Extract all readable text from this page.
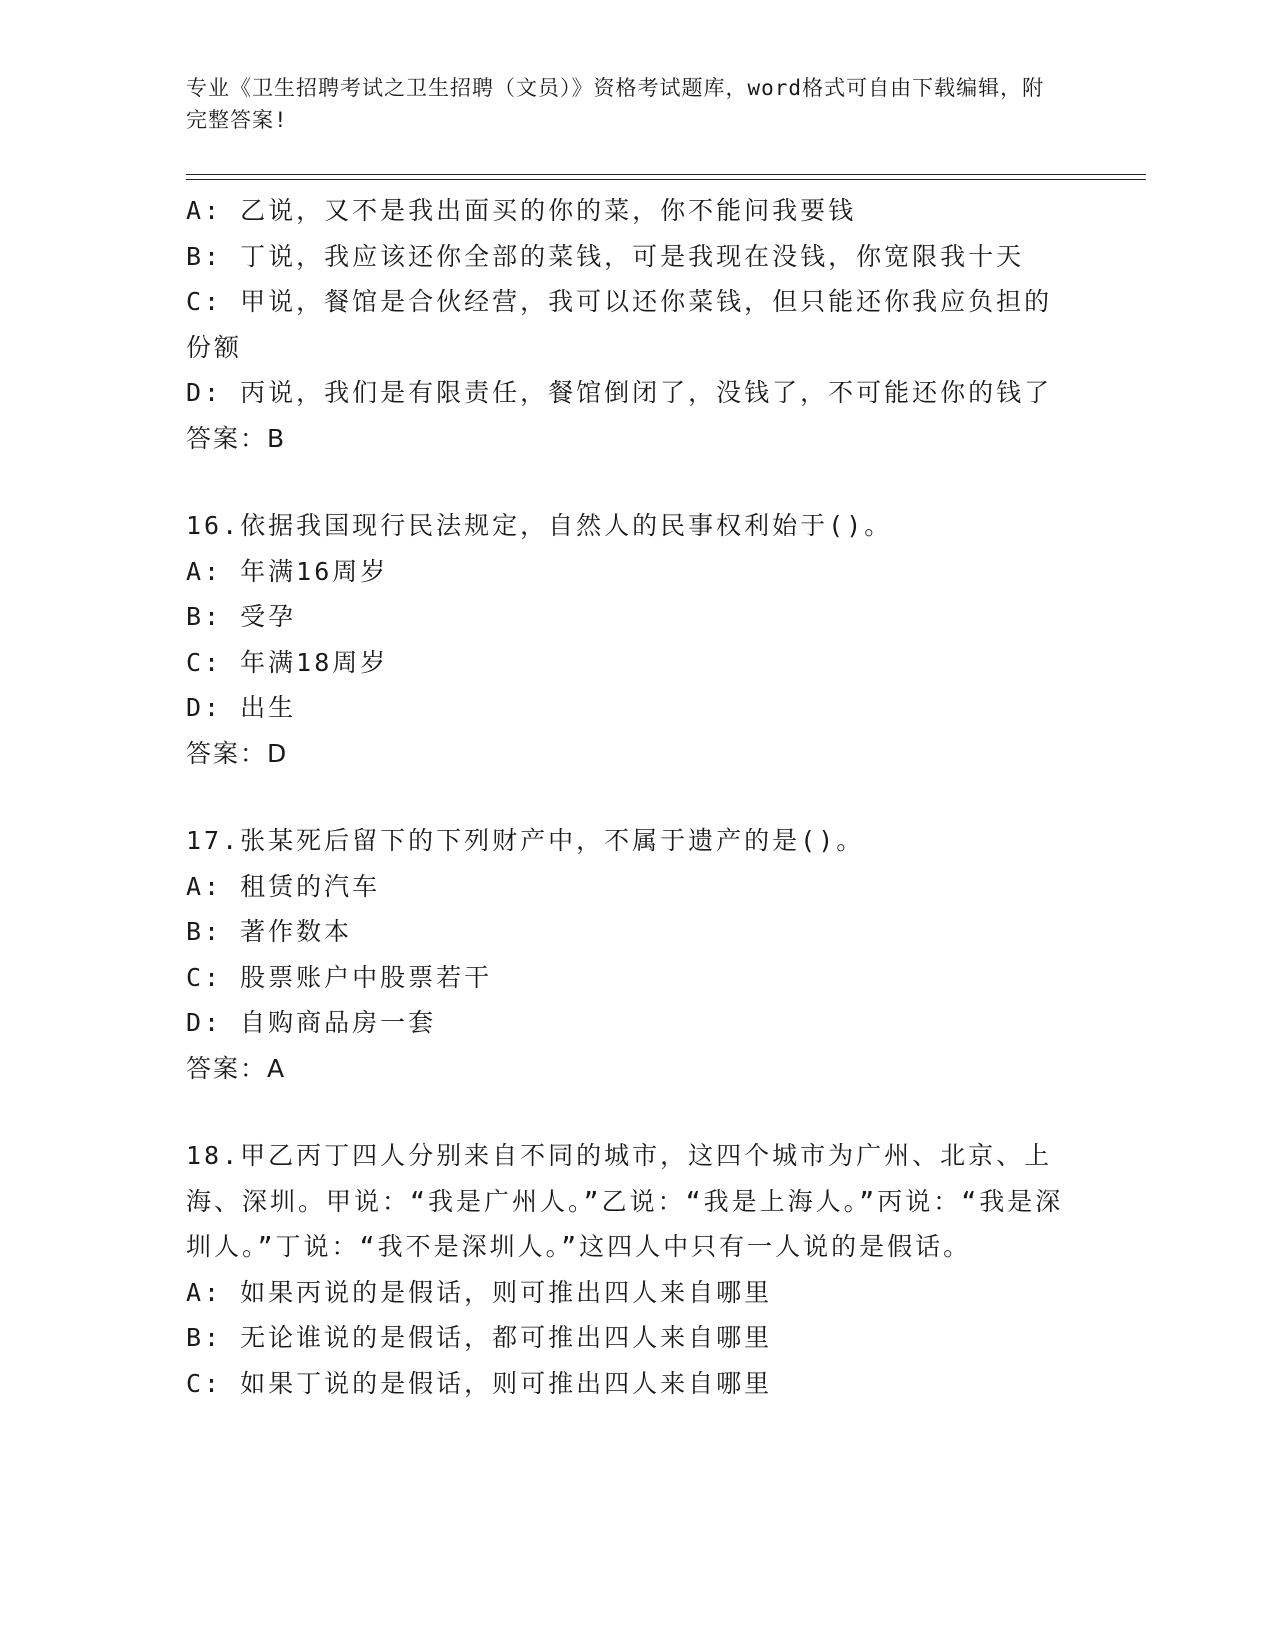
专业《卫生招聘考试之卫生招聘（文员）》资格考试题库，word格式可自由下载编辑，附完整答案!

A: 乙说，又不是我出面买的你的菜，你不能问我要钱

B: 丁说，我应该还你全部的菜钱，可是我现在没钱，你宽限我十天

C: 甲说，餐馆是合伙经营，我可以还你菜钱，但只能还你我应负担的份额

D: 丙说，我们是有限责任，餐馆倒闭了，没钱了，不可能还你的钱了

答案：B

16.依据我国现行民法规定，自然人的民事权利始于()。

A: 年满16周岁

B: 受孕

C: 年满18周岁

D: 出生

答案：D

17.张某死后留下的下列财产中，不属于遗产的是()。

A: 租赁的汽车

B: 著作数本

C: 股票账户中股票若干

D: 自购商品房一套

答案：A

18.甲乙丙丁四人分别来自不同的城市，这四个城市为广州、北京、上海、深圳。甲说：“我是广州人。”乙说：“我是上海人。”丙说：“我是深圳人。”丁说：“我不是深圳人。”这四人中只有一人说的是假话。

A: 如果丙说的是假话，则可推出四人来自哪里

B: 无论谁说的是假话，都可推出四人来自哪里

C: 如果丁说的是假话，则可推出四人来自哪里
